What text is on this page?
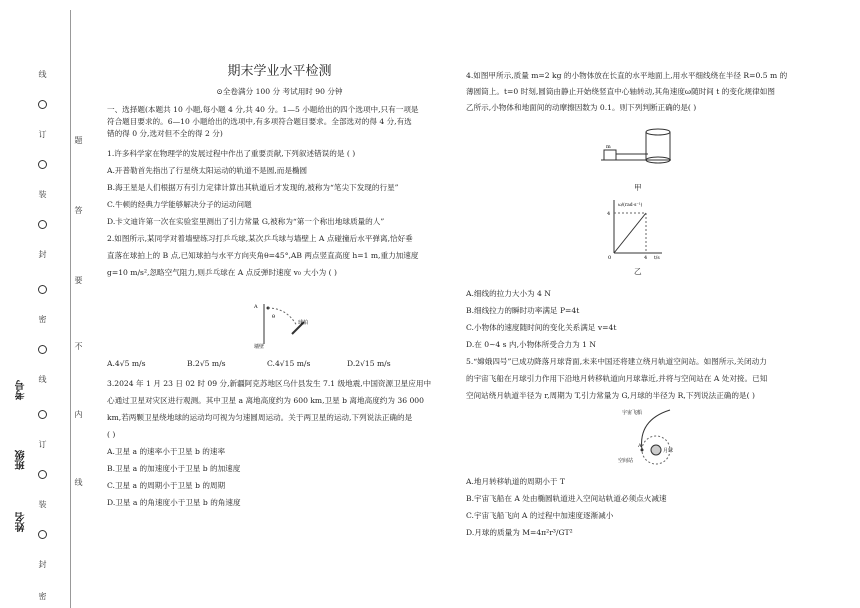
线
订
装
封
密
线
订
装
封
密
题
答
要
不
内
线
考号
班级
姓名
期末学业水平检测
⊙全卷满分 100 分 考试用时 90 分钟
一、选择题(本题共 10 小题,每小题 4 分,共 40 分。1—5 小题给出的四个选项中,只有一项是
符合题目要求的。6—10 小题给出的选项中,有多项符合题目要求。全部选对的得 4 分,有选
错的得 0 分,选对但不全的得 2 分)
1.许多科学家在物理学的发展过程中作出了重要贡献,下列叙述错误的是 ( )
A.开普勒首先指出了行星绕太阳运动的轨道不是圆,而是椭圆
B.海王星是人们根据万有引力定律计算出其轨道后才发现的,被称为“笔尖下发现的行星”
C.牛顿的经典力学能够解决分子的运动问题
D.卡文迪许第一次在实验室里测出了引力常量 G,被称为“第一个称出地球质量的人”
2.如图所示,某同学对着墙壁练习打乒乓球,某次乒乓球与墙壁上 A 点碰撞后水平弹离,恰好垂
直落在球拍上的 B 点,已知球拍与水平方向夹角θ=45°,AB 两点竖直高度 h=1 m,重力加速度
g=10 m/s²,忽略空气阻力,则乒乓球在 A 点反弹时速度 v₀ 大小为 ( )
A
球拍
墙壁
θ
A.4√5 m/s	B.2√5 m/s	C.4√15 m/s	D.2√15 m/s
3.2024 年 1 月 23 日 02 时 09 分,新疆阿克苏地区乌什县发生 7.1 级地震,中国资源卫星应用中
心通过卫星对灾区进行观测。其中卫星 a 离地高度约为 600 km,卫星 b 离地高度约为 36 000
km,若两颗卫星绕地球的运动均可视为匀速圆周运动。关于两卫星的运动,下列说法正确的是
( )
A.卫星 a 的速率小于卫星 b 的速率
B.卫星 a 的加速度小于卫星 b 的加速度
C.卫星 a 的周期小于卫星 b 的周期
D.卫星 a 的角速度小于卫星 b 的角速度
4.如图甲所示,质量 m=2 kg 的小物体放在长直的水平地面上,用水平细线绕在半径 R=0.5 m 的
薄圆筒上。t=0 时刻,圆筒由静止开始绕竖直中心轴转动,其角速度ω随时间 t 的变化规律如图
乙所示,小物体和地面间的动摩擦因数为 0.1。则下列判断正确的是( )
m
甲
ω/(rad·s⁻¹)
4
4 t/s
0
乙
A.细线的拉力大小为 4 N
B.细线拉力的瞬时功率满足 P=4t
C.小物体的速度随时间的变化关系满足 v=4t
D.在 0~4 s 内,小物体所受合力为 1 N
5.“嫦娥四号”已成功降落月球背面,未来中国还将建立绕月轨道空间站。如图所示,关闭动力
的宇宙飞船在月球引力作用下沿地月转移轨道向月球靠近,并将与空间站在 A 处对接。已知
空间站绕月轨道半径为 r,周期为 T,引力常量为 G,月球的半径为 R,下列说法正确的是( )
宇宙飞船
空间站
月球
A
A.地月转移轨道的周期小于 T
B.宇宙飞船在 A 处由椭圆轨道进入空间站轨道必须点火减速
C.宇宙飞船飞向 A 的过程中加速度逐渐减小
D.月球的质量为 M=4π²r³/GT²
